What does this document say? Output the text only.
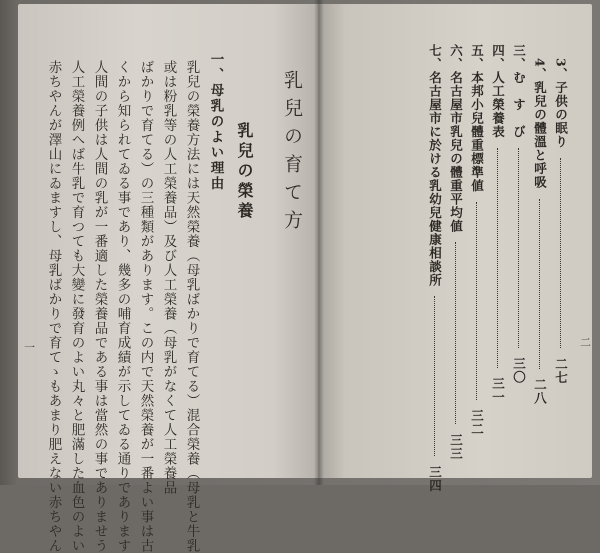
乳兒の育て方
乳兒の榮養
一、母乳のよい理由
乳兒の榮養方法には天然榮養（母乳ばかりで育てる）混合榮養（母乳と牛乳
或は粉乳等の人工榮養品）及び人工榮養（母乳がなくて人工榮養品
ばかりで育てる）の三種類があります。この内で天然榮養が一番よい事は古
くから知られてゐる事であり、幾多の哺育成績が示してゐる通りであります
人間の子供は人間の乳が一番適した榮養品である事は當然の事でありませう
人工榮養例へば牛乳で育つても大變に發育のよい丸々と肥滿した血色のよい
赤ちやんが澤山にゐますし、母乳ばかりで育てゝもあまり肥えない赤ちやん
一
3、子供の眠り  二七
4、乳兒の體溫と呼吸  二八
三、む　す　び  三〇
四、人工榮養表  三一
五、本邦小兒體重標準値  三二
六、名古屋市乳兒の體重平均値  三三
七、名古屋市に於ける乳幼兒健康相談所  三四
二
